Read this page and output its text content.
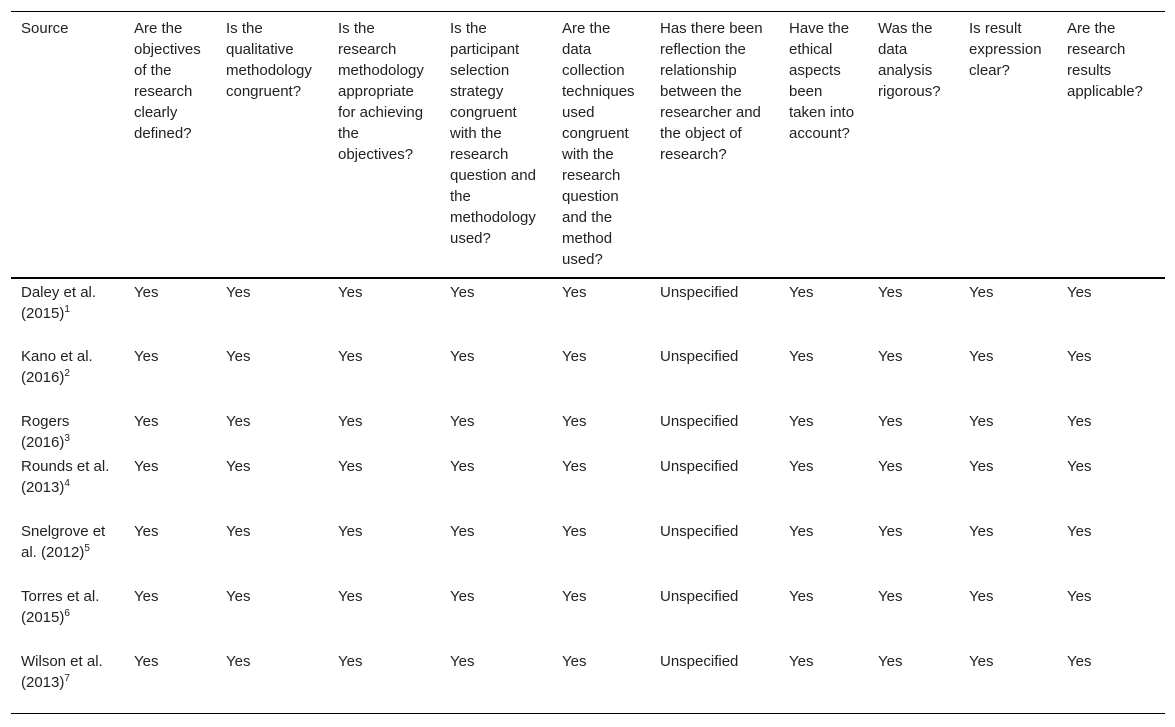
Source	Are the objectives of the research clearly defined?	Is the qualitative methodology congruent?	Is the research methodology appropriate for achieving the objectives?	Is the participant selection strategy congruent with the research question and the methodology used?	Are the data collection techniques used congruent with the research question and the method used?	Has there been reflection the relationship between the researcher and the object of research?	Have the ethical aspects been taken into account?	Was the data analysis rigorous?	Is result expression clear?	Are the research results applicable?
Daley et al. $(2015)^1$	Yes	Yes	Yes	Yes	Yes	Unspecified	Yes	Yes	Yes	Yes
Kano et al. $(2016)^2$	Yes	Yes	Yes	Yes	Yes	Unspecified	Yes	Yes	Yes	Yes
Rogers $(2016)^3$	Yes	Yes	Yes	Yes	Yes	Unspecified	Yes	Yes	Yes	Yes
Rounds et al. $(2013)^4$	Yes	Yes	Yes	Yes	Yes	Unspecified	Yes	Yes	Yes	Yes
Snelgrove et al. $(2012)^5$	Yes	Yes	Yes	Yes	Yes	Unspecified	Yes	Yes	Yes	Yes
Torres et al. $(2015)^6$	Yes	Yes	Yes	Yes	Yes	Unspecified	Yes	Yes	Yes	Yes
Wilson et al. $(2013)^7$	Yes	Yes	Yes	Yes	Yes	Unspecified	Yes	Yes	Yes	Yes
